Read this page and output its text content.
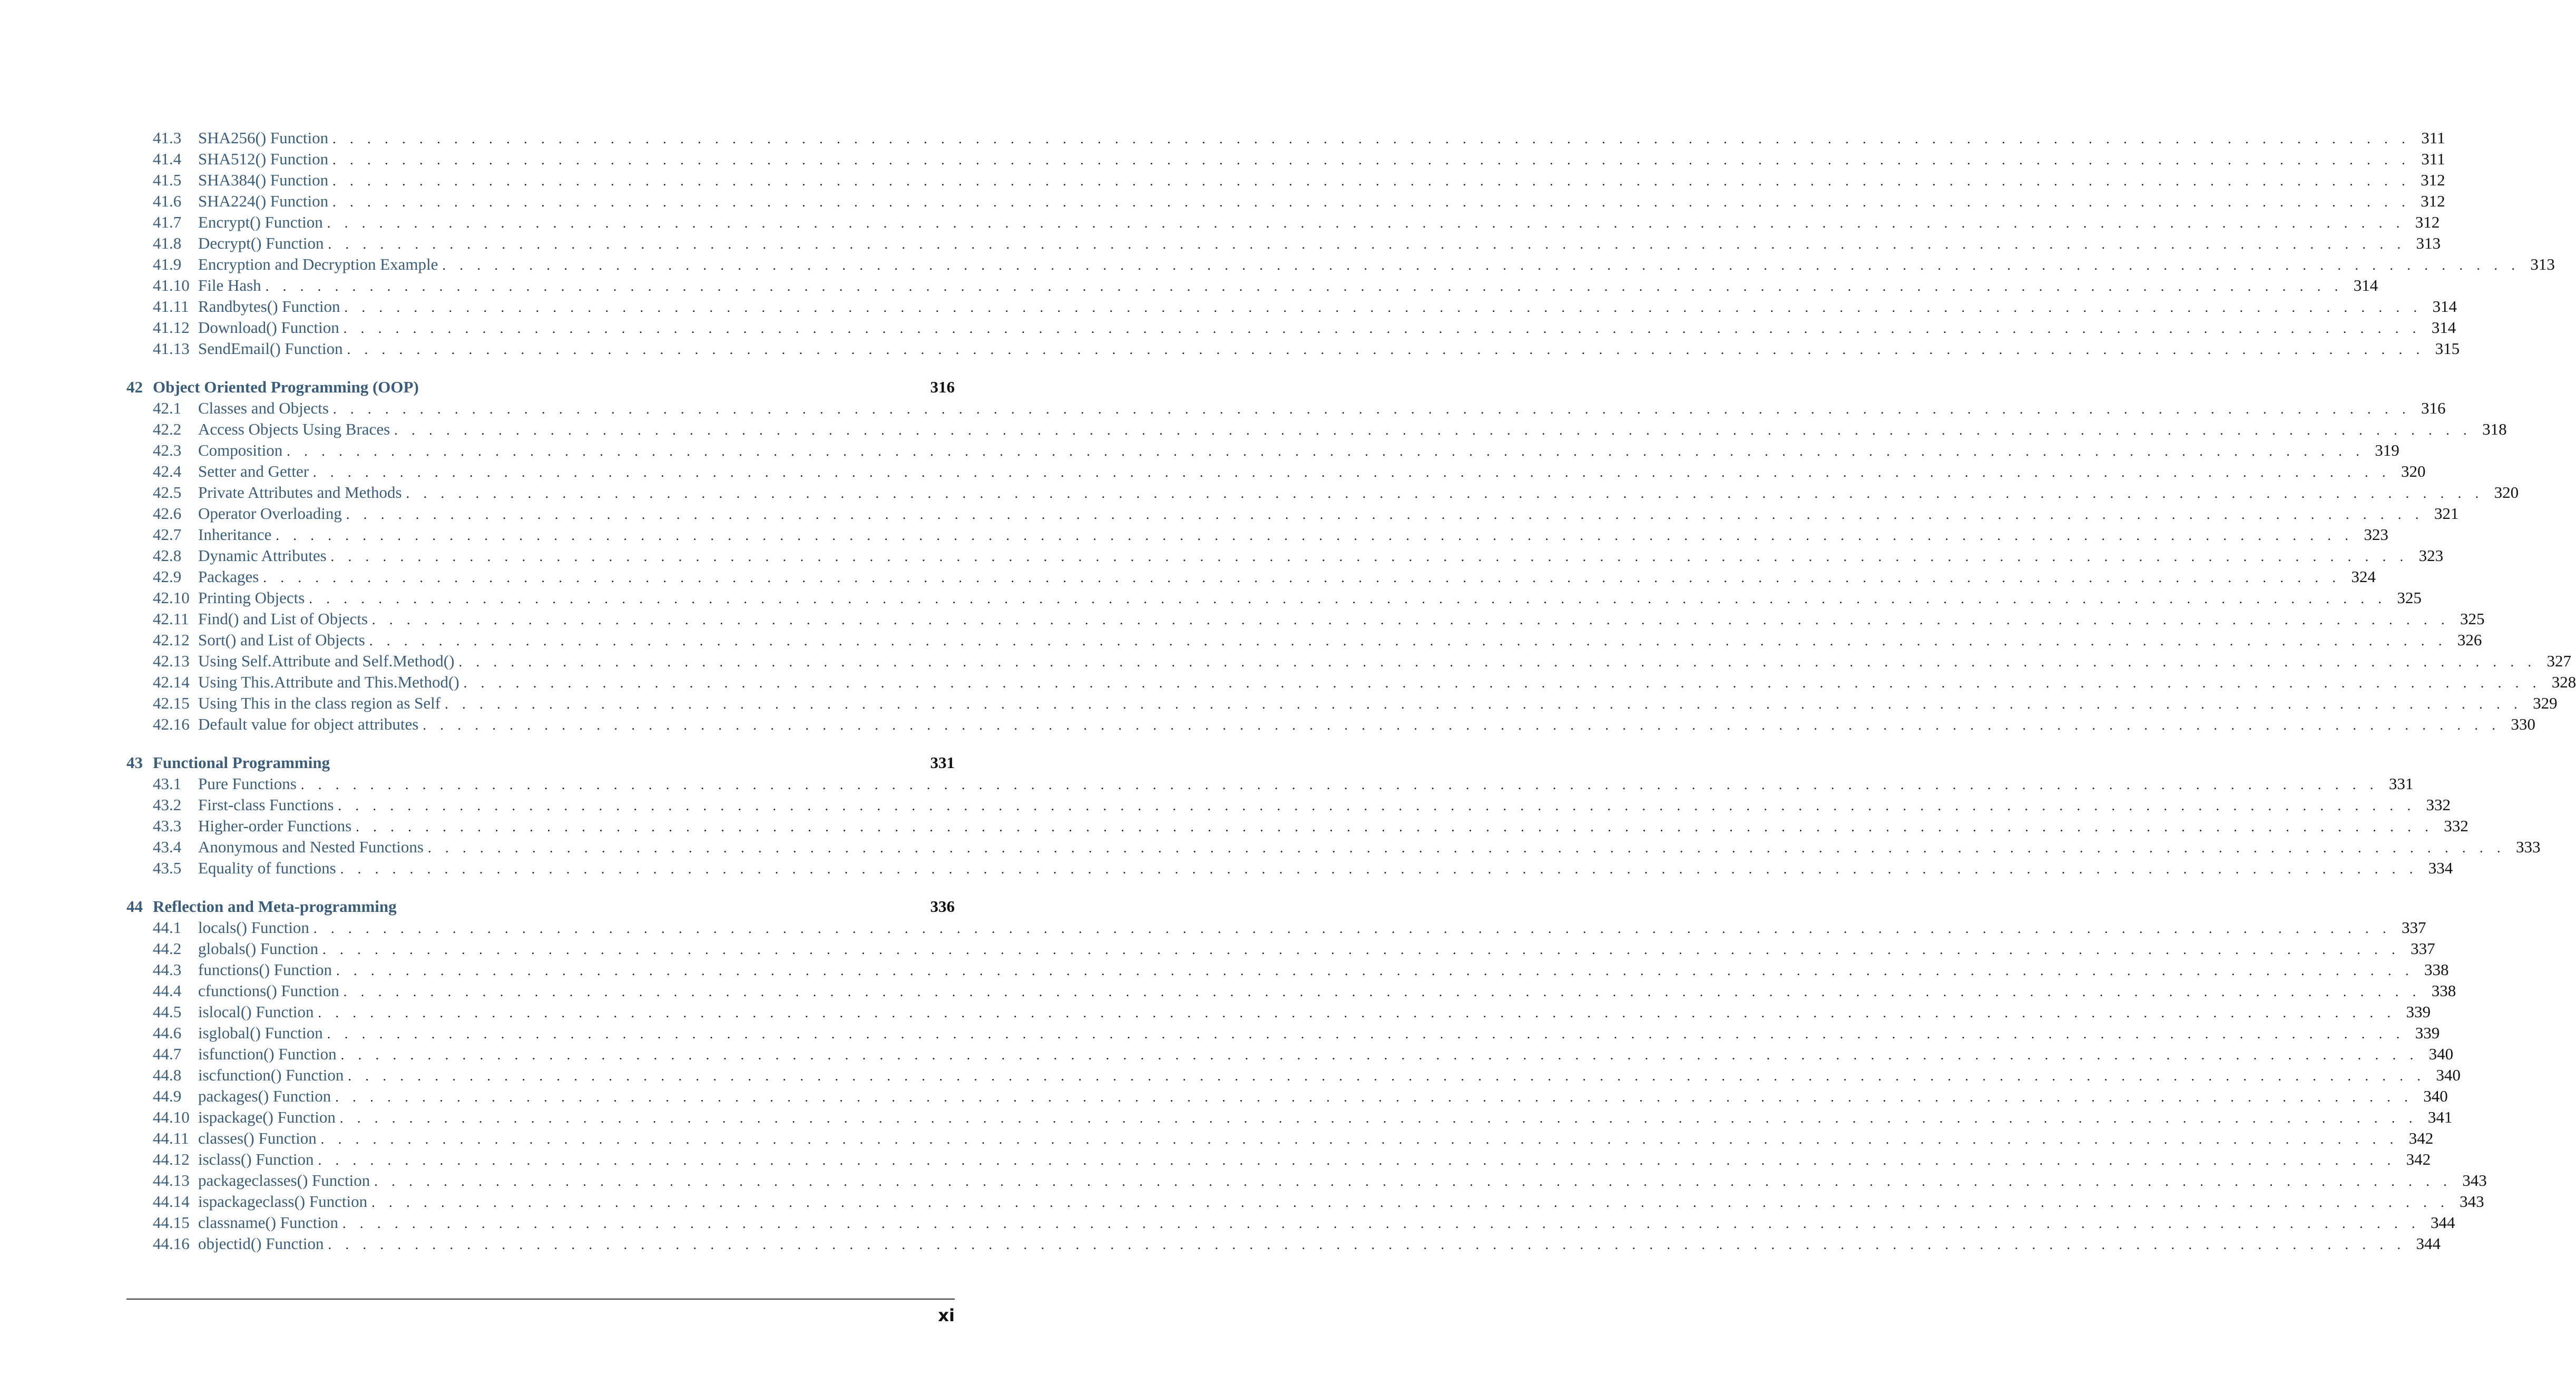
41.3	SHA256() Function . . . . . . . . . . . . . . . . . . . . . . . . . . . . . . . . . . . . . . . . . . . . . . . . . . . . . . . . . . . . . . . . . . . . . . . . . . . . . . . . . . . . . . . . . . . . . . . . . . . . . . . . . . . . . . . . . . . . . . . . 311
41.4	SHA512() Function . . . . . . . . . . . . . . . . . . . . . . . . . . . . . . . . . . . . . . . . . . . . . . . . . . . . . . . . . . . . . . . . . . . . . . . . . . . . . . . . . . . . . . . . . . . . . . . . . . . . . . . . . . . . . . . . . . . . . . . . 311
41.5	SHA384() Function . . . . . . . . . . . . . . . . . . . . . . . . . . . . . . . . . . . . . . . . . . . . . . . . . . . . . . . . . . . . . . . . . . . . . . . . . . . . . . . . . . . . . . . . . . . . . . . . . . . . . . . . . . . . . . . . . . . . . . . . 312
41.6	SHA224() Function . . . . . . . . . . . . . . . . . . . . . . . . . . . . . . . . . . . . . . . . . . . . . . . . . . . . . . . . . . . . . . . . . . . . . . . . . . . . . . . . . . . . . . . . . . . . . . . . . . . . . . . . . . . . . . . . . . . . . . . . 312
41.7	Encrypt() Function . . . . . . . . . . . . . . . . . . . . . . . . . . . . . . . . . . . . . . . . . . . . . . . . . . . . . . . . . . . . . . . . . . . . . . . . . . . . . . . . . . . . . . . . . . . . . . . . . . . . . . . . . . . . . . . . . . . . . . . . 312
41.8	Decrypt() Function . . . . . . . . . . . . . . . . . . . . . . . . . . . . . . . . . . . . . . . . . . . . . . . . . . . . . . . . . . . . . . . . . . . . . . . . . . . . . . . . . . . . . . . . . . . . . . . . . . . . . . . . . . . . . . . . . . . . . . . . 313
41.9	Encryption and Decryption Example . . . . . . . . . . . . . . . . . . . . . . . . . . . . . . . . . . . . . . . . . . . . . . . . . . . . . . . . . . . . . . . . . . . . . . . . . . . . . . . . . . . . . . . . . . . . . . . . . . . . . . . . . . . . . . . . . . . . . . . . 313
41.10 File Hash . . . . . . . . . . . . . . . . . . . . . . . . . . . . . . . . . . . . . . . . . . . . . . . . . . . . . . . . . . . . . . . . . . . . . . . . . . . . . . . . . . . . . . . . . . . . . . . . . . . . . . . . . . . . . . . . . . . . . . . . 314
41.11 Randbytes() Function . . . . . . . . . . . . . . . . . . . . . . . . . . . . . . . . . . . . . . . . . . . . . . . . . . . . . . . . . . . . . . . . . . . . . . . . . . . . . . . . . . . . . . . . . . . . . . . . . . . . . . . . . . . . . . . . . . . . . . . . 314
41.12 Download() Function . . . . . . . . . . . . . . . . . . . . . . . . . . . . . . . . . . . . . . . . . . . . . . . . . . . . . . . . . . . . . . . . . . . . . . . . . . . . . . . . . . . . . . . . . . . . . . . . . . . . . . . . . . . . . . . . . . . . . . . . 314
41.13 SendEmail() Function . . . . . . . . . . . . . . . . . . . . . . . . . . . . . . . . . . . . . . . . . . . . . . . . . . . . . . . . . . . . . . . . . . . . . . . . . . . . . . . . . . . . . . . . . . . . . . . . . . . . . . . . . . . . . . . . . . . . . . . . 315
42 Object Oriented Programming (OOP)	316
42.1	Classes and Objects . . . . . . . . . . . . . . . . . . . . . . . . . . . . . . . . . . . . . . . . . . . . . . . . . . . . . . . . . . . . . . . . . . . . . . . . . . . . . . . . . . . . . . . . . . . . . . . . . . . . . . . . . . . . . . . . . . . . . . . . 316
42.2	Access Objects Using Braces . . . . . . . . . . . . . . . . . . . . . . . . . . . . . . . . . . . . . . . . . . . . . . . . . . . . . . . . . . . . . . . . . . . . . . . . . . . . . . . . . . . . . . . . . . . . . . . . . . . . . . . . . . . . . . . . . . . . . . . . 318
42.3	Composition . . . . . . . . . . . . . . . . . . . . . . . . . . . . . . . . . . . . . . . . . . . . . . . . . . . . . . . . . . . . . . . . . . . . . . . . . . . . . . . . . . . . . . . . . . . . . . . . . . . . . . . . . . . . . . . . . . . . . . . . 319
42.4	Setter and Getter . . . . . . . . . . . . . . . . . . . . . . . . . . . . . . . . . . . . . . . . . . . . . . . . . . . . . . . . . . . . . . . . . . . . . . . . . . . . . . . . . . . . . . . . . . . . . . . . . . . . . . . . . . . . . . . . . . . . . . . . 320
42.5	Private Attributes and Methods . . . . . . . . . . . . . . . . . . . . . . . . . . . . . . . . . . . . . . . . . . . . . . . . . . . . . . . . . . . . . . . . . . . . . . . . . . . . . . . . . . . . . . . . . . . . . . . . . . . . . . . . . . . . . . . . . . . . . . . . 320
42.6	Operator Overloading . . . . . . . . . . . . . . . . . . . . . . . . . . . . . . . . . . . . . . . . . . . . . . . . . . . . . . . . . . . . . . . . . . . . . . . . . . . . . . . . . . . . . . . . . . . . . . . . . . . . . . . . . . . . . . . . . . . . . . . . 321
42.7	Inheritance . . . . . . . . . . . . . . . . . . . . . . . . . . . . . . . . . . . . . . . . . . . . . . . . . . . . . . . . . . . . . . . . . . . . . . . . . . . . . . . . . . . . . . . . . . . . . . . . . . . . . . . . . . . . . . . . . . . . . . . . 323
42.8	Dynamic Attributes . . . . . . . . . . . . . . . . . . . . . . . . . . . . . . . . . . . . . . . . . . . . . . . . . . . . . . . . . . . . . . . . . . . . . . . . . . . . . . . . . . . . . . . . . . . . . . . . . . . . . . . . . . . . . . . . . . . . . . . . 323
42.9	Packages . . . . . . . . . . . . . . . . . . . . . . . . . . . . . . . . . . . . . . . . . . . . . . . . . . . . . . . . . . . . . . . . . . . . . . . . . . . . . . . . . . . . . . . . . . . . . . . . . . . . . . . . . . . . . . . . . . . . . . . . 324
42.10 Printing Objects . . . . . . . . . . . . . . . . . . . . . . . . . . . . . . . . . . . . . . . . . . . . . . . . . . . . . . . . . . . . . . . . . . . . . . . . . . . . . . . . . . . . . . . . . . . . . . . . . . . . . . . . . . . . . . . . . . . . . . . . 325
42.11 Find() and List of Objects . . . . . . . . . . . . . . . . . . . . . . . . . . . . . . . . . . . . . . . . . . . . . . . . . . . . . . . . . . . . . . . . . . . . . . . . . . . . . . . . . . . . . . . . . . . . . . . . . . . . . . . . . . . . . . . . . . . . . . . . 325
42.12 Sort() and List of Objects . . . . . . . . . . . . . . . . . . . . . . . . . . . . . . . . . . . . . . . . . . . . . . . . . . . . . . . . . . . . . . . . . . . . . . . . . . . . . . . . . . . . . . . . . . . . . . . . . . . . . . . . . . . . . . . . . . . . . . . . 326
42.13 Using Self.Attribute and Self.Method() . . . . . . . . . . . . . . . . . . . . . . . . . . . . . . . . . . . . . . . . . . . . . . . . . . . . . . . . . . . . . . . . . . . . . . . . . . . . . . . . . . . . . . . . . . . . . . . . . . . . . . . . . . . . . . . . . . . . . . . . 327
42.14 Using This.Attribute and This.Method() . . . . . . . . . . . . . . . . . . . . . . . . . . . . . . . . . . . . . . . . . . . . . . . . . . . . . . . . . . . . . . . . . . . . . . . . . . . . . . . . . . . . . . . . . . . . . . . . . . . . . . . . . . . . . . . . . . . . . . . . 328
42.15 Using This in the class region as Self . . . . . . . . . . . . . . . . . . . . . . . . . . . . . . . . . . . . . . . . . . . . . . . . . . . . . . . . . . . . . . . . . . . . . . . . . . . . . . . . . . . . . . . . . . . . . . . . . . . . . . . . . . . . . . . . . . . . . . . . 329
42.16 Default value for object attributes . . . . . . . . . . . . . . . . . . . . . . . . . . . . . . . . . . . . . . . . . . . . . . . . . . . . . . . . . . . . . . . . . . . . . . . . . . . . . . . . . . . . . . . . . . . . . . . . . . . . . . . . . . . . . . . . . . . . . . . . 330
43 Functional Programming	331
43.1	Pure Functions . . . . . . . . . . . . . . . . . . . . . . . . . . . . . . . . . . . . . . . . . . . . . . . . . . . . . . . . . . . . . . . . . . . . . . . . . . . . . . . . . . . . . . . . . . . . . . . . . . . . . . . . . . . . . . . . . . . . . . . . 331
43.2	First-class Functions . . . . . . . . . . . . . . . . . . . . . . . . . . . . . . . . . . . . . . . . . . . . . . . . . . . . . . . . . . . . . . . . . . . . . . . . . . . . . . . . . . . . . . . . . . . . . . . . . . . . . . . . . . . . . . . . . . . . . . . . 332
43.3	Higher-order Functions . . . . . . . . . . . . . . . . . . . . . . . . . . . . . . . . . . . . . . . . . . . . . . . . . . . . . . . . . . . . . . . . . . . . . . . . . . . . . . . . . . . . . . . . . . . . . . . . . . . . . . . . . . . . . . . . . . . . . . . . 332
43.4	Anonymous and Nested Functions . . . . . . . . . . . . . . . . . . . . . . . . . . . . . . . . . . . . . . . . . . . . . . . . . . . . . . . . . . . . . . . . . . . . . . . . . . . . . . . . . . . . . . . . . . . . . . . . . . . . . . . . . . . . . . . . . . . . . . . . 333
43.5	Equality of functions . . . . . . . . . . . . . . . . . . . . . . . . . . . . . . . . . . . . . . . . . . . . . . . . . . . . . . . . . . . . . . . . . . . . . . . . . . . . . . . . . . . . . . . . . . . . . . . . . . . . . . . . . . . . . . . . . . . . . . . . 334
44 Reflection and Meta-programming	336
44.1	locals() Function . . . . . . . . . . . . . . . . . . . . . . . . . . . . . . . . . . . . . . . . . . . . . . . . . . . . . . . . . . . . . . . . . . . . . . . . . . . . . . . . . . . . . . . . . . . . . . . . . . . . . . . . . . . . . . . . . . . . . . . . 337
44.2	globals() Function . . . . . . . . . . . . . . . . . . . . . . . . . . . . . . . . . . . . . . . . . . . . . . . . . . . . . . . . . . . . . . . . . . . . . . . . . . . . . . . . . . . . . . . . . . . . . . . . . . . . . . . . . . . . . . . . . . . . . . . . 337
44.3	functions() Function . . . . . . . . . . . . . . . . . . . . . . . . . . . . . . . . . . . . . . . . . . . . . . . . . . . . . . . . . . . . . . . . . . . . . . . . . . . . . . . . . . . . . . . . . . . . . . . . . . . . . . . . . . . . . . . . . . . . . . . . 338
44.4	cfunctions() Function . . . . . . . . . . . . . . . . . . . . . . . . . . . . . . . . . . . . . . . . . . . . . . . . . . . . . . . . . . . . . . . . . . . . . . . . . . . . . . . . . . . . . . . . . . . . . . . . . . . . . . . . . . . . . . . . . . . . . . . . 338
44.5	islocal() Function . . . . . . . . . . . . . . . . . . . . . . . . . . . . . . . . . . . . . . . . . . . . . . . . . . . . . . . . . . . . . . . . . . . . . . . . . . . . . . . . . . . . . . . . . . . . . . . . . . . . . . . . . . . . . . . . . . . . . . . . 339
44.6	isglobal() Function . . . . . . . . . . . . . . . . . . . . . . . . . . . . . . . . . . . . . . . . . . . . . . . . . . . . . . . . . . . . . . . . . . . . . . . . . . . . . . . . . . . . . . . . . . . . . . . . . . . . . . . . . . . . . . . . . . . . . . . . 339
44.7	isfunction() Function . . . . . . . . . . . . . . . . . . . . . . . . . . . . . . . . . . . . . . . . . . . . . . . . . . . . . . . . . . . . . . . . . . . . . . . . . . . . . . . . . . . . . . . . . . . . . . . . . . . . . . . . . . . . . . . . . . . . . . . . 340
44.8	iscfunction() Function . . . . . . . . . . . . . . . . . . . . . . . . . . . . . . . . . . . . . . . . . . . . . . . . . . . . . . . . . . . . . . . . . . . . . . . . . . . . . . . . . . . . . . . . . . . . . . . . . . . . . . . . . . . . . . . . . . . . . . . . 340
44.9	packages() Function . . . . . . . . . . . . . . . . . . . . . . . . . . . . . . . . . . . . . . . . . . . . . . . . . . . . . . . . . . . . . . . . . . . . . . . . . . . . . . . . . . . . . . . . . . . . . . . . . . . . . . . . . . . . . . . . . . . . . . . . 340
44.10 ispackage() Function . . . . . . . . . . . . . . . . . . . . . . . . . . . . . . . . . . . . . . . . . . . . . . . . . . . . . . . . . . . . . . . . . . . . . . . . . . . . . . . . . . . . . . . . . . . . . . . . . . . . . . . . . . . . . . . . . . . . . . . . 341
44.11 classes() Function . . . . . . . . . . . . . . . . . . . . . . . . . . . . . . . . . . . . . . . . . . . . . . . . . . . . . . . . . . . . . . . . . . . . . . . . . . . . . . . . . . . . . . . . . . . . . . . . . . . . . . . . . . . . . . . . . . . . . . . . 342
44.12 isclass() Function . . . . . . . . . . . . . . . . . . . . . . . . . . . . . . . . . . . . . . . . . . . . . . . . . . . . . . . . . . . . . . . . . . . . . . . . . . . . . . . . . . . . . . . . . . . . . . . . . . . . . . . . . . . . . . . . . . . . . . . . 342
44.13 packageclasses() Function . . . . . . . . . . . . . . . . . . . . . . . . . . . . . . . . . . . . . . . . . . . . . . . . . . . . . . . . . . . . . . . . . . . . . . . . . . . . . . . . . . . . . . . . . . . . . . . . . . . . . . . . . . . . . . . . . . . . . . . . 343
44.14 ispackageclass() Function . . . . . . . . . . . . . . . . . . . . . . . . . . . . . . . . . . . . . . . . . . . . . . . . . . . . . . . . . . . . . . . . . . . . . . . . . . . . . . . . . . . . . . . . . . . . . . . . . . . . . . . . . . . . . . . . . . . . . . . . 343
44.15 classname() Function . . . . . . . . . . . . . . . . . . . . . . . . . . . . . . . . . . . . . . . . . . . . . . . . . . . . . . . . . . . . . . . . . . . . . . . . . . . . . . . . . . . . . . . . . . . . . . . . . . . . . . . . . . . . . . . . . . . . . . . . 344
44.16 objectid() Function . . . . . . . . . . . . . . . . . . . . . . . . . . . . . . . . . . . . . . . . . . . . . . . . . . . . . . . . . . . . . . . . . . . . . . . . . . . . . . . . . . . . . . . . . . . . . . . . . . . . . . . . . . . . . . . . . . . . . . . . 344
xi
